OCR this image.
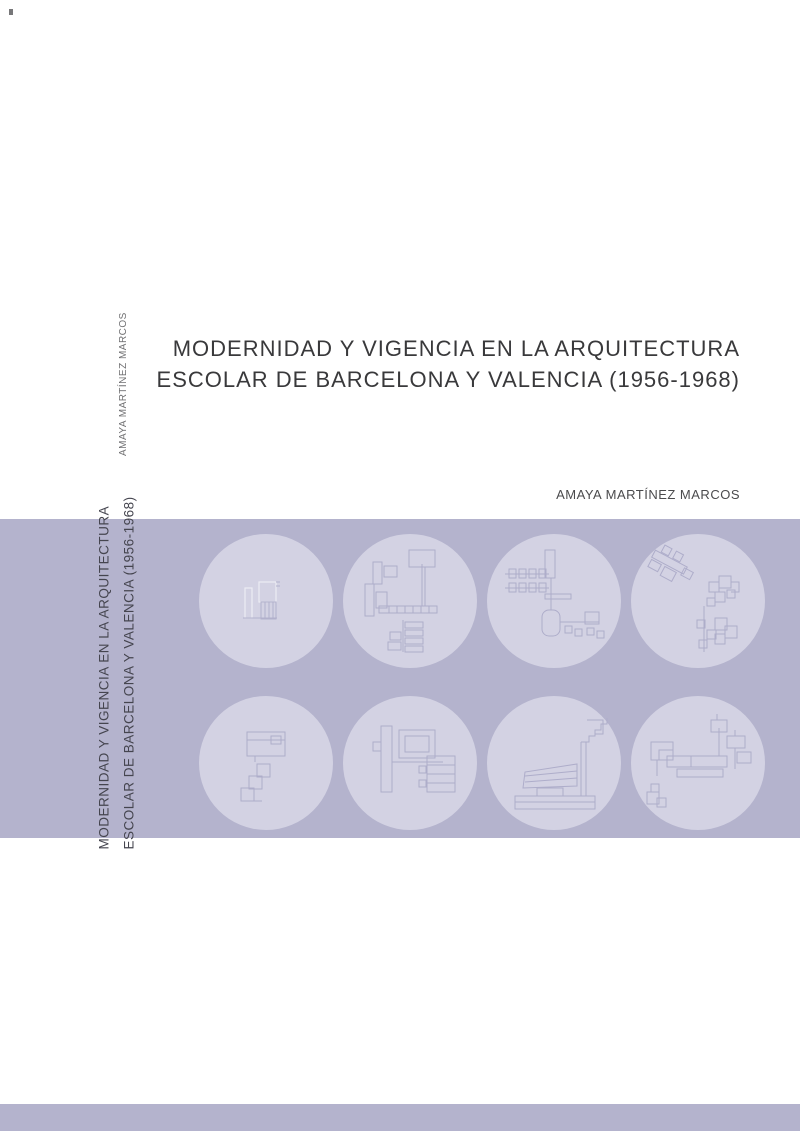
AMAYA MARTÍNEZ MARCOS	MODERNIDAD Y VIGENCIA EN LA ARQUITECTURA
ESCOLAR DE BARCELONA Y VALENCIA (1956-1968)
AMAYA MARTÍNEZ MARCOS
MODERNIDAD Y VIGENCIA EN LA ARQUITECTURA ESCOLAR DE BARCELONA Y VALENCIA (1956-1968)
